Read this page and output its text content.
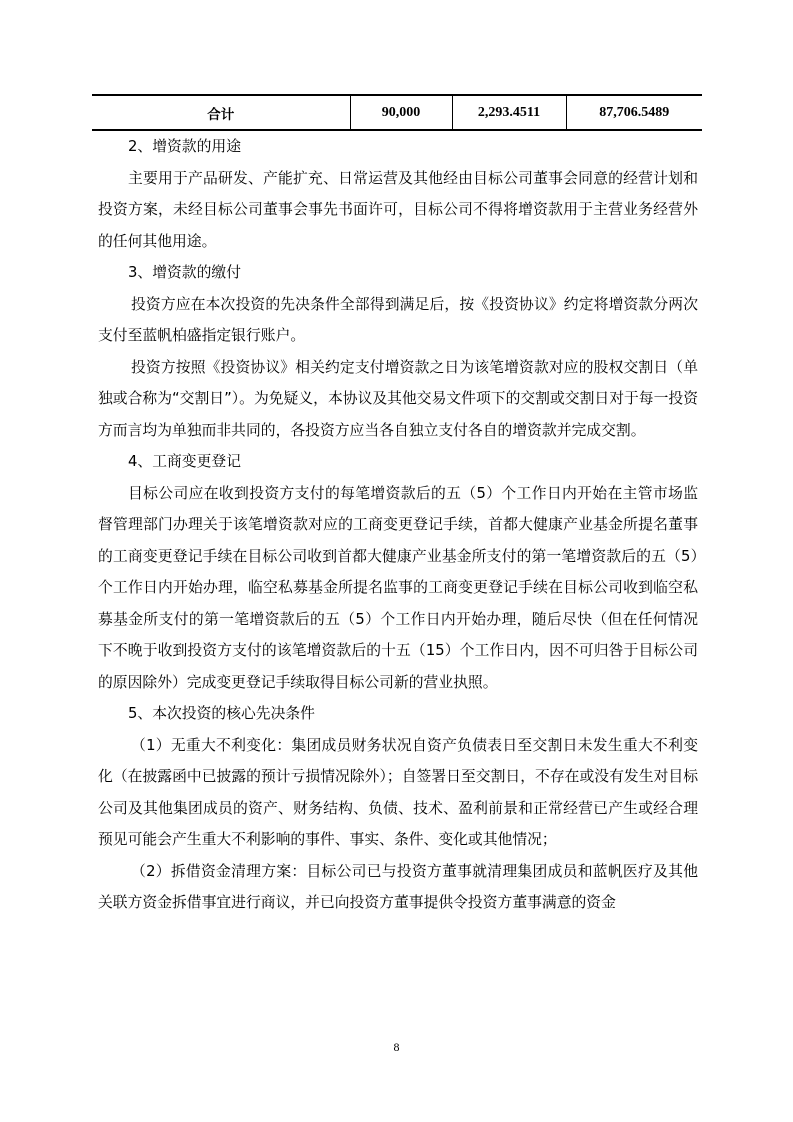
合计	90,000	2,293.4511	87,706.5489

2、增资款的用途

主要用于产品研发、产能扩充、日常运营及其他经由目标公司董事会同意的经营计划和投资方案，未经目标公司董事会事先书面许可，目标公司不得将增资款用于主营业务经营外的任何其他用途。

3、增资款的缴付

投资方应在本次投资的先决条件全部得到满足后，按《投资协议》约定将增资款分两次支付至蓝帆柏盛指定银行账户。

投资方按照《投资协议》相关约定支付增资款之日为该笔增资款对应的股权交割日（单独或合称为“交割日”）。为免疑义，本协议及其他交易文件项下的交割或交割日对于每一投资方而言均为单独而非共同的，各投资方应当各自独立支付各自的增资款并完成交割。

4、工商变更登记

目标公司应在收到投资方支付的每笔增资款后的五（5）个工作日内开始在主管市场监督管理部门办理关于该笔增资款对应的工商变更登记手续，首都大健康产业基金所提名董事的工商变更登记手续在目标公司收到首都大健康产业基金所支付的第一笔增资款后的五（5）个工作日内开始办理，临空私募基金所提名监事的工商变更登记手续在目标公司收到临空私募基金所支付的第一笔增资款后的五（5）个工作日内开始办理，随后尽快（但在任何情况下不晚于收到投资方支付的该笔增资款后的十五（15）个工作日内，因不可归咎于目标公司的原因除外）完成变更登记手续取得目标公司新的营业执照。

5、本次投资的核心先决条件

（1）无重大不利变化：集团成员财务状况自资产负债表日至交割日未发生重大不利变化（在披露函中已披露的预计亏损情况除外）；自签署日至交割日，不存在或没有发生对目标公司及其他集团成员的资产、财务结构、负债、技术、盈利前景和正常经营已产生或经合理预见可能会产生重大不利影响的事件、事实、条件、变化或其他情况；

（2）拆借资金清理方案：目标公司已与投资方董事就清理集团成员和蓝帆医疗及其他关联方资金拆借事宜进行商议，并已向投资方董事提供令投资方董事满意的资金

8
